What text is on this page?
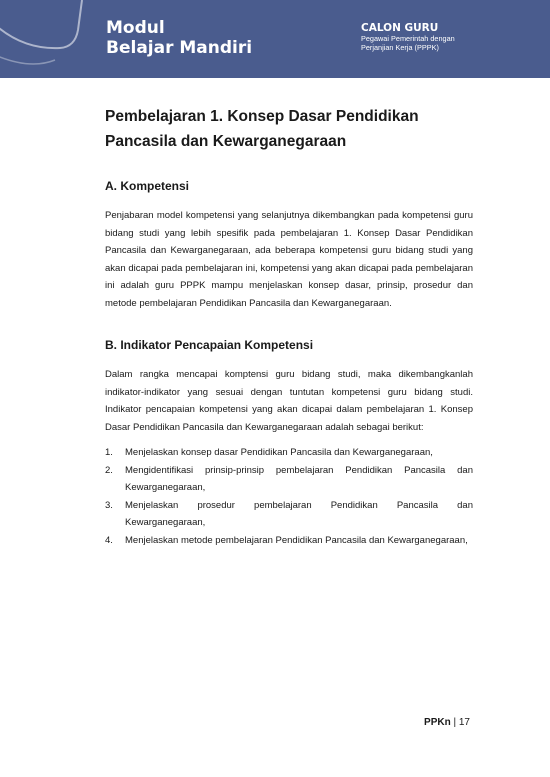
Modul
Belajar Mandiri
CALON GURU
Pegawai Pemerintah dengan
Perjanjian Kerja (PPPK)
Pembelajaran 1. Konsep Dasar Pendidikan
Pancasila dan Kewarganegaraan
A. Kompetensi

Penjabaran model kompetensi yang selanjutnya dikembangkan pada kompetensi guru bidang studi yang lebih spesifik pada pembelajaran 1. Konsep Dasar Pendidikan Pancasila dan Kewarganegaraan, ada beberapa kompetensi guru bidang studi yang akan dicapai pada pembelajaran ini, kompetensi yang akan dicapai pada pembelajaran ini adalah guru PPPK mampu menjelaskan konsep dasar, prinsip, prosedur dan metode pembelajaran Pendidikan Pancasila dan Kewarganegaraan.

B. Indikator Pencapaian Kompetensi

Dalam rangka mencapai komptensi guru bidang studi, maka dikembangkanlah indikator-indikator yang sesuai dengan tuntutan kompetensi guru bidang studi. Indikator pencapaian kompetensi yang akan dicapai dalam pembelajaran 1. Konsep Dasar Pendidikan Pancasila dan Kewarganegaraan adalah sebagai berikut:

1.	Menjelaskan konsep dasar Pendidikan Pancasila dan Kewarganegaraan,
2.	Mengidentifikasi prinsip-prinsip pembelajaran Pendidikan Pancasila dan Kewarganegaraan,
3.	Menjelaskan prosedur pembelajaran Pendidikan Pancasila dan Kewarganegaraan,
4.	Menjelaskan metode pembelajaran Pendidikan Pancasila dan Kewarganegaraan,
PPKn | 17
